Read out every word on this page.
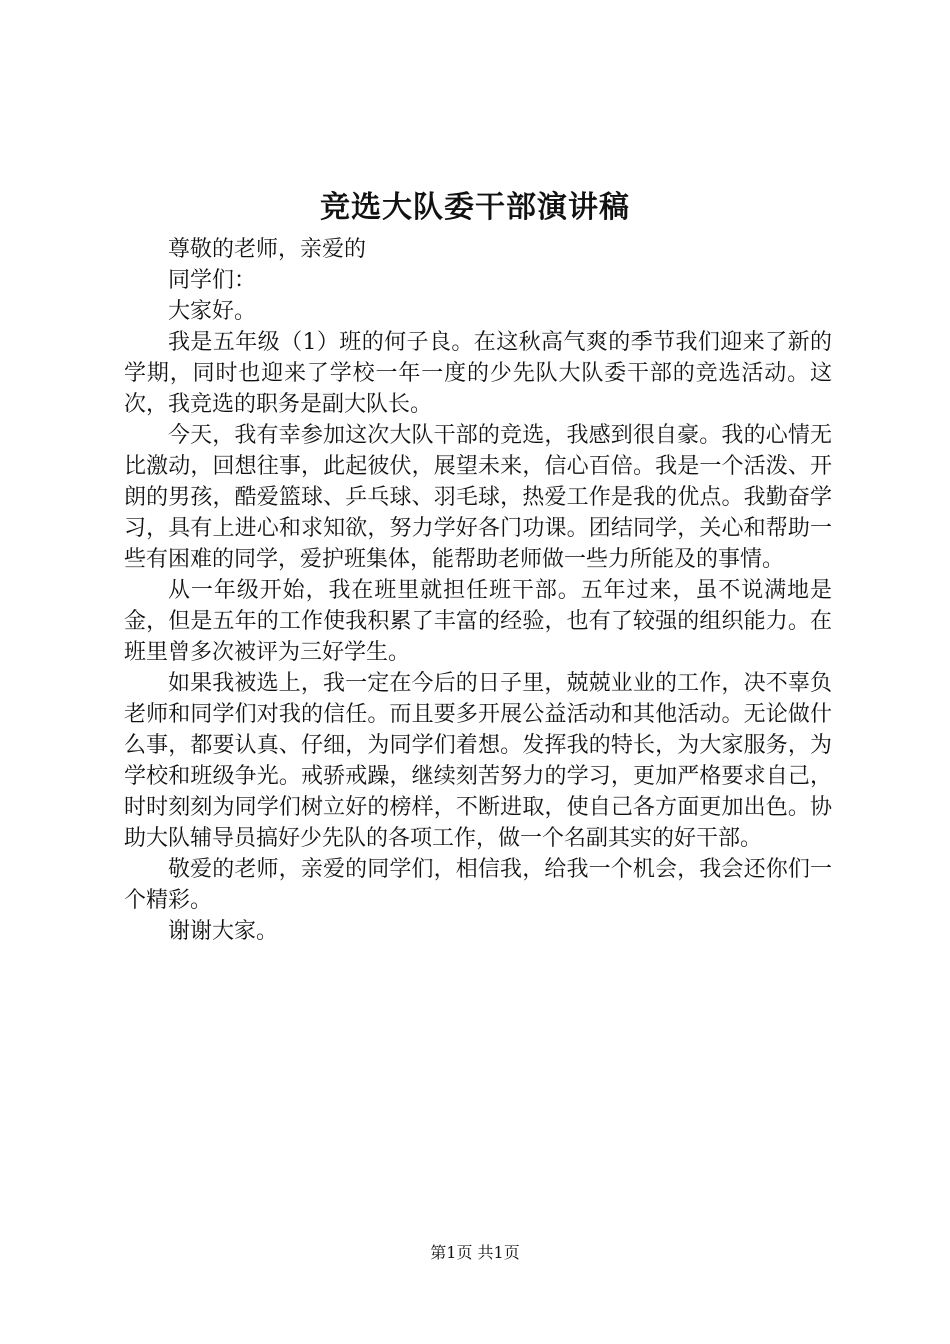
竞选大队委干部演讲稿

尊敬的老师，亲爱的

同学们：

大家好。

我是五年级（1）班的何子良。在这秋高气爽的季节我们迎来了新的学期，同时也迎来了学校一年一度的少先队大队委干部的竞选活动。这次，我竞选的职务是副大队长。

今天，我有幸参加这次大队干部的竞选，我感到很自豪。我的心情无比激动，回想往事，此起彼伏，展望未来，信心百倍。我是一个活泼、开朗的男孩，酷爱篮球、乒乓球、羽毛球，热爱工作是我的优点。我勤奋学习，具有上进心和求知欲，努力学好各门功课。团结同学，关心和帮助一些有困难的同学，爱护班集体，能帮助老师做一些力所能及的事情。

从一年级开始，我在班里就担任班干部。五年过来，虽不说满地是金，但是五年的工作使我积累了丰富的经验，也有了较强的组织能力。在班里曾多次被评为三好学生。

如果我被选上，我一定在今后的日子里，兢兢业业的工作，决不辜负老师和同学们对我的信任。而且要多开展公益活动和其他活动。无论做什么事，都要认真、仔细，为同学们着想。发挥我的特长，为大家服务，为学校和班级争光。戒骄戒躁，继续刻苦努力的学习，更加严格要求自己，时时刻刻为同学们树立好的榜样，不断进取，使自己各方面更加出色。协助大队辅导员搞好少先队的各项工作，做一个名副其实的好干部。

敬爱的老师，亲爱的同学们，相信我，给我一个机会，我会还你们一个精彩。

谢谢大家。

第1页 共1页
